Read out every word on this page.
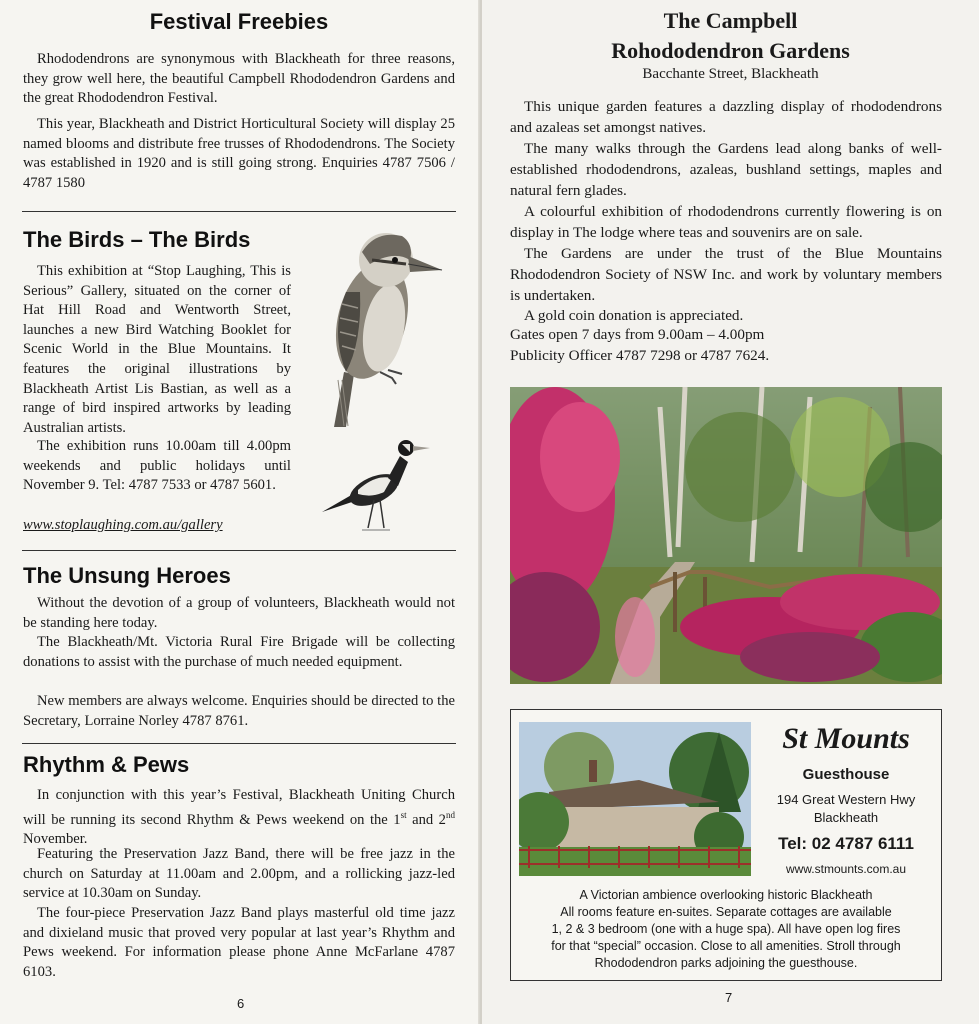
Festival Freebies

Rhododendrons are synonymous with Blackheath for three reasons, they grow well here, the beautiful Campbell Rhododendron Gardens and the great Rhododendron Festival.

This year, Blackheath and District Horticultural Society will display 25 named blooms and distribute free trusses of Rhododendrons. The Society was established in 1920 and is still going strong. Enquiries 4787 7506 / 4787 1580

The Birds – The Birds

This exhibition at “Stop Laughing, This is Serious” Gallery, situated on the corner of Hat Hill Road and Wentworth Street, launches a new Bird Watching Booklet for Scenic World in the Blue Mountains. It features the original illustrations by Blackheath Artist Lis Bastian, as well as a range of bird inspired artworks by leading Australian artists.

The exhibition runs 10.00am till 4.00pm weekends and public holidays until November 9. Tel: 4787 7533 or 4787 5601.

www.stoplaughing.com.au/gallery

The Unsung Heroes

Without the devotion of a group of volunteers, Blackheath would not be standing here today.

The Blackheath/Mt. Victoria Rural Fire Brigade will be collecting donations to assist with the purchase of much needed equipment.

New members are always welcome. Enquiries should be directed to the Secretary, Lorraine Norley 4787 8761.

Rhythm & Pews

In conjunction with this year’s Festival, Blackheath Uniting Church will be running its second Rhythm & Pews weekend on the 1st and 2nd November.

Featuring the Preservation Jazz Band, there will be free jazz in the church on Saturday at 11.00am and 2.00pm, and a rollicking jazz-led service at 10.30am on Sunday.

The four-piece Preservation Jazz Band plays masterful old time jazz and dixieland music that proved very popular at last year’s Rhythm and Pews weekend. For information please phone Anne McFarlane 4787 6103.

6
The Campbell
Rohododendron Gardens

Bacchante Street, Blackheath

This unique garden features a dazzling display of rhododendrons and azaleas set amongst natives.

The many walks through the Gardens lead along banks of well-established rhododendrons, azaleas, bushland settings, maples and natural fern glades.

A colourful exhibition of rhododendrons currently flowering is on display in The lodge where teas and souvenirs are on sale.

The Gardens are under the trust of the Blue Mountains Rhododendron Society of NSW Inc. and work by voluntary members is undertaken.

A gold coin donation is appreciated.

Gates open 7 days from 9.00am – 4.00pm

Publicity Officer 4787 7298 or 4787 7624.

St Mounts

Guesthouse

194 Great Western Hwy

Blackheath

Tel: 02 4787 6111

www.stmounts.com.au

A Victorian ambience overlooking historic Blackheath

All rooms feature en-suites. Separate cottages are available

1, 2 & 3 bedroom (one with a huge spa). All have open log fires

for that “special” occasion. Close to all amenities. Stroll through

Rhododendron parks adjoining the guesthouse.

7
